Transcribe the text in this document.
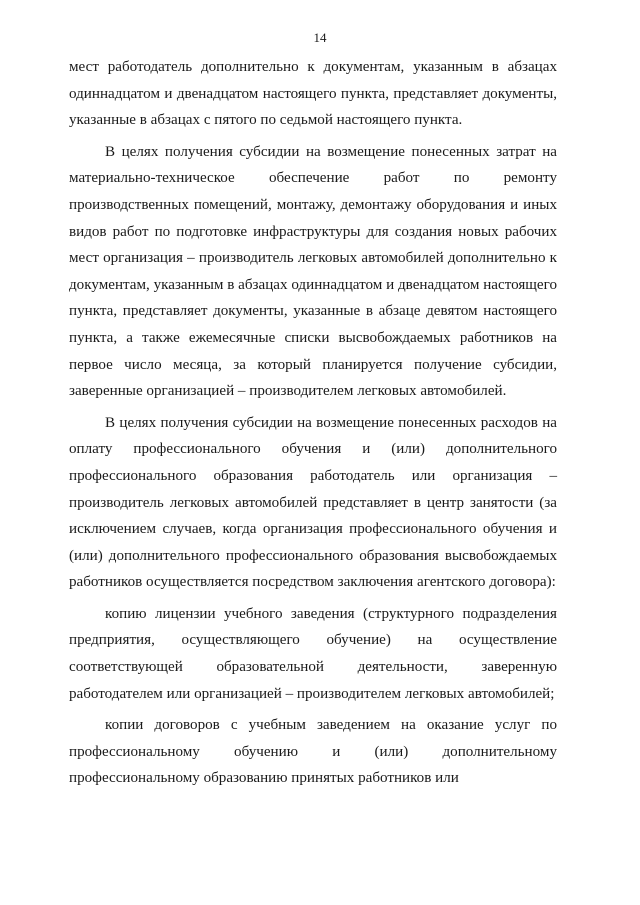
14

мест работодатель дополнительно к документам, указанным в абзацах одиннадцатом и двенадцатом настоящего пункта, представляет документы, указанные в абзацах с пятого по седьмой настоящего пункта.

В целях получения субсидии на возмещение понесенных затрат на материально-техническое обеспечение работ по ремонту производственных помещений, монтажу, демонтажу оборудования и иных видов работ по подготовке инфраструктуры для создания новых рабочих мест организация – производитель легковых автомобилей дополнительно к документам, указанным в абзацах одиннадцатом и двенадцатом настоящего пункта, представляет документы, указанные в абзаце девятом настоящего пункта, а также ежемесячные списки высвобождаемых работников на первое число месяца, за который планируется получение субсидии, заверенные организацией – производителем легковых автомобилей.

В целях получения субсидии на возмещение понесенных расходов на оплату профессионального обучения и (или) дополнительного профессионального образования работодатель или организация – производитель легковых автомобилей представляет в центр занятости (за исключением случаев, когда организация профессионального обучения и (или) дополнительного профессионального образования высвобождаемых работников осуществляется посредством заключения агентского договора):

копию лицензии учебного заведения (структурного подразделения предприятия, осуществляющего обучение) на осуществление соответствующей образовательной деятельности, заверенную работодателем или организацией – производителем легковых автомобилей;

копии договоров с учебным заведением на оказание услуг по профессиональному обучению и (или) дополнительному профессиональному образованию принятых работников или
